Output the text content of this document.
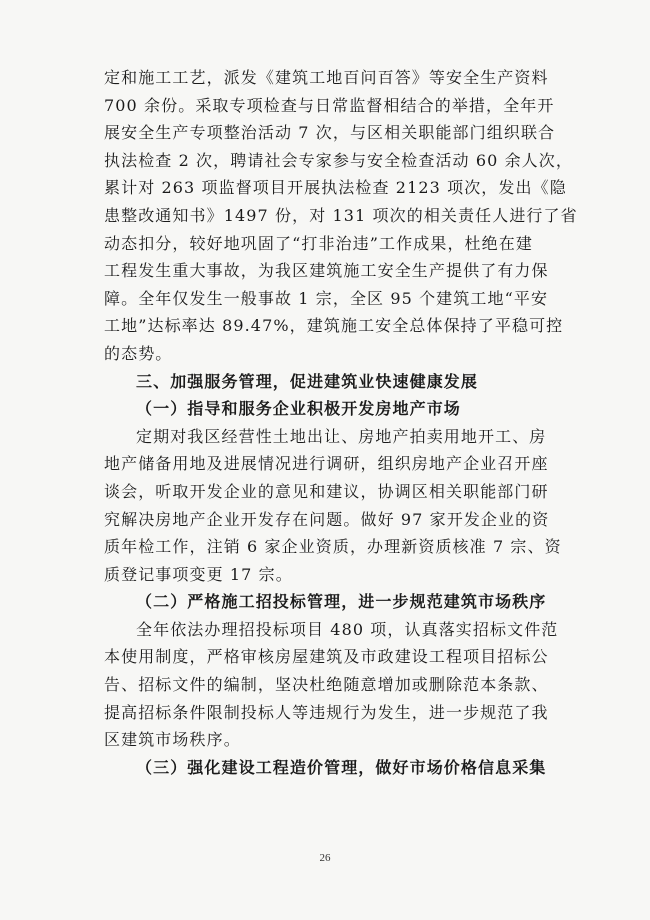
定和施工工艺，派发《建筑工地百问百答》等安全生产资料
700 余份。采取专项检查与日常监督相结合的举措，全年开
展安全生产专项整治活动 7 次，与区相关职能部门组织联合
执法检查 2 次，聘请社会专家参与安全检查活动 60 余人次，
累计对 263 项监督项目开展执法检查 2123 项次，发出《隐
患整改通知书》1497 份，对 131 项次的相关责任人进行了省
动态扣分，较好地巩固了“打非治违”工作成果，杜绝在建
工程发生重大事故，为我区建筑施工安全生产提供了有力保
障。全年仅发生一般事故 1 宗，全区 95 个建筑工地“平安
工地”达标率达 89.47%，建筑施工安全总体保持了平稳可控
的态势。
三、加强服务管理，促进建筑业快速健康发展
（一）指导和服务企业积极开发房地产市场
定期对我区经营性土地出让、房地产拍卖用地开工、房
地产储备用地及进展情况进行调研，组织房地产企业召开座
谈会，听取开发企业的意见和建议，协调区相关职能部门研
究解决房地产企业开发存在问题。做好 97 家开发企业的资
质年检工作，注销 6 家企业资质，办理新资质核准 7 宗、资
质登记事项变更 17 宗。
（二）严格施工招投标管理，进一步规范建筑市场秩序
全年依法办理招投标项目 480 项，认真落实招标文件范
本使用制度，严格审核房屋建筑及市政建设工程项目招标公
告、招标文件的编制，坚决杜绝随意增加或删除范本条款、
提高招标条件限制投标人等违规行为发生，进一步规范了我
区建筑市场秩序。
（三）强化建设工程造价管理，做好市场价格信息采集
26
